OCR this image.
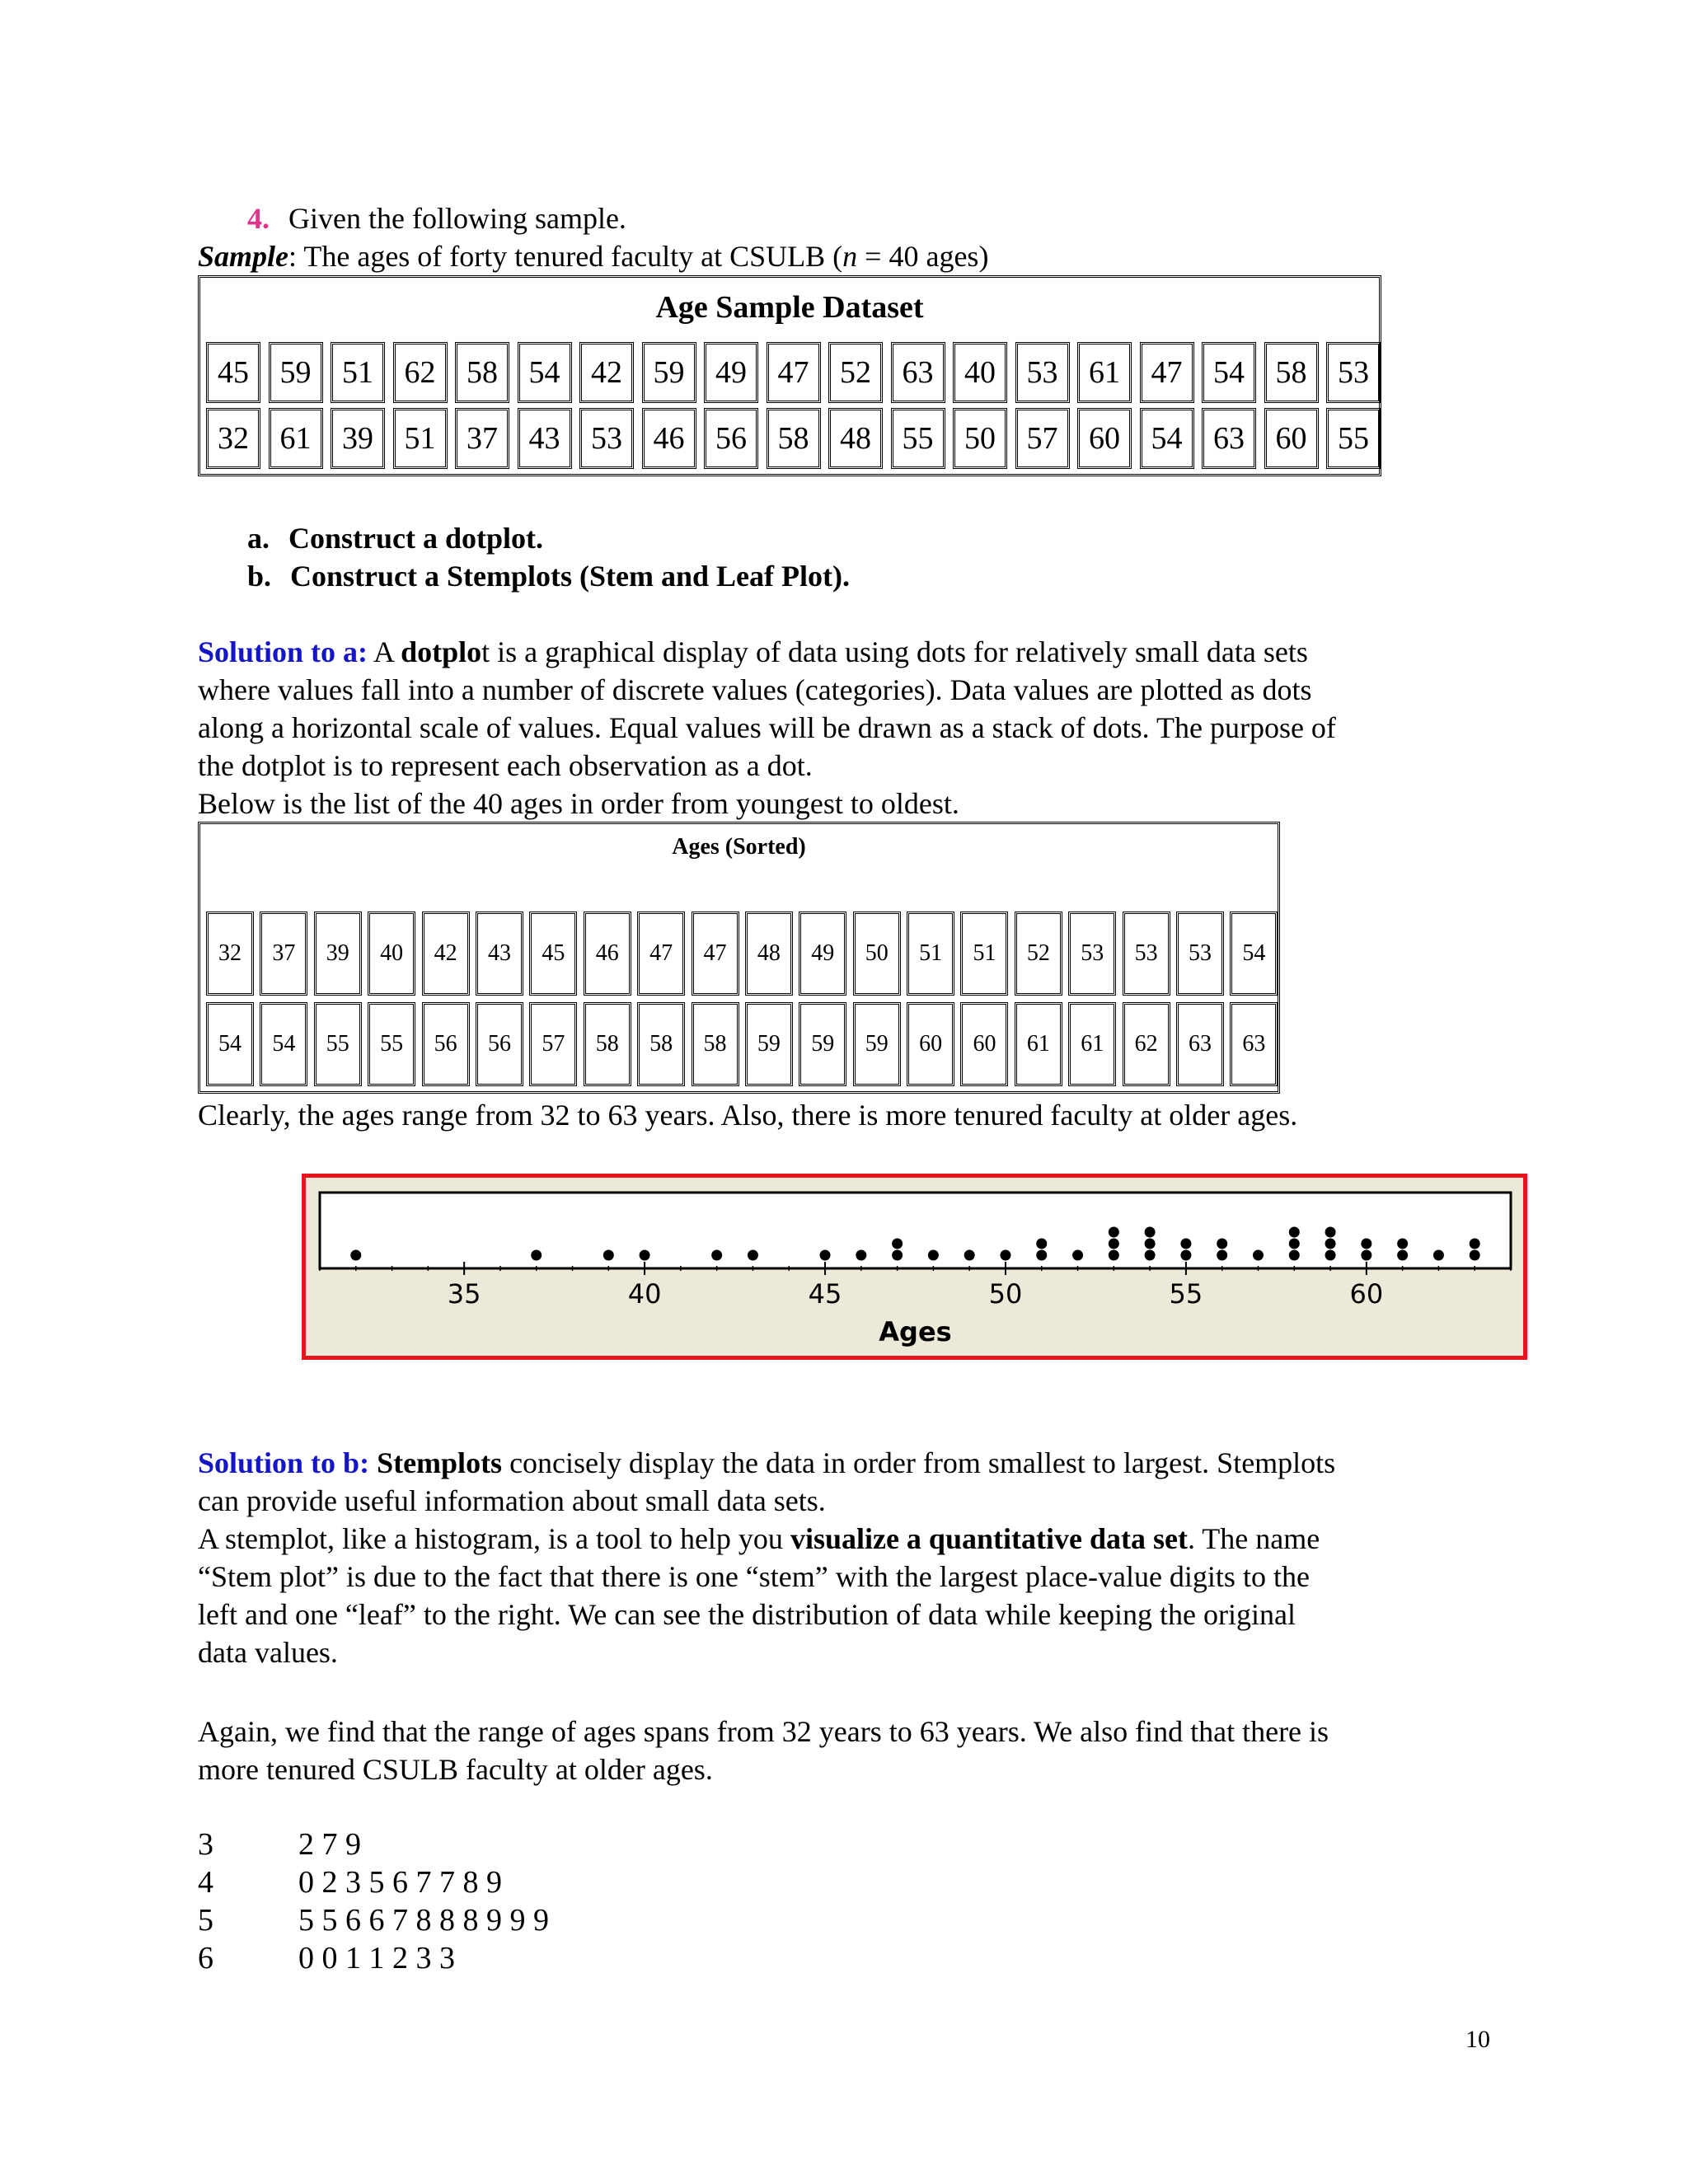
4. Given the following sample.
Sample: The ages of forty tenured faculty at CSULB (n = 40 ages)
Age Sample Dataset
45 59 51 62 58 54 42 59 49 47 52 63 40 53 61 47 54 58 53
32 61 39 51 37 43 53 46 56 58 48 55 50 57 60 54 63 60 55
a. Construct a dotplot.
b. Construct a Stemplots (Stem and Leaf Plot).
Solution to a: A dotplot is a graphical display of data using dots for relatively small data sets
where values fall into a number of discrete values (categories). Data values are plotted as dots
along a horizontal scale of values. Equal values will be drawn as a stack of dots. The purpose of
the dotplot is to represent each observation as a dot.
Below is the list of the 40 ages in order from youngest to oldest.
Ages (Sorted)
32	37	39	40	42	43	45	46	47	47	48	49	50	51	51	52	53	53	53	54
54	54	55	55	56	56	57	58	58	58	59	59	59	60	60	61	61	62	63	63
Clearly, the ages range from 32 to 63 years. Also, there is more tenured faculty at older ages.
35	40	45	50	55	60
Ages
Solution to b: Stemplots concisely display the data in order from smallest to largest. Stemplots
can provide useful information about small data sets.
A stemplot, like a histogram, is a tool to help you visualize a quantitative data set. The name
“Stem plot” is due to the fact that there is one “stem” with the largest place-value digits to the
left and one “leaf” to the right. We can see the distribution of data while keeping the original
data values.
Again, we find that the range of ages spans from 32 years to 63 years. We also find that there is
more tenured CSULB faculty at older ages.
3	2 7 9
4	0 2 3 5 6 7 7 8 9
5	5 5 6 6 7 8 8 8 9 9 9
6	0 0 1 1 2 3 3
10
